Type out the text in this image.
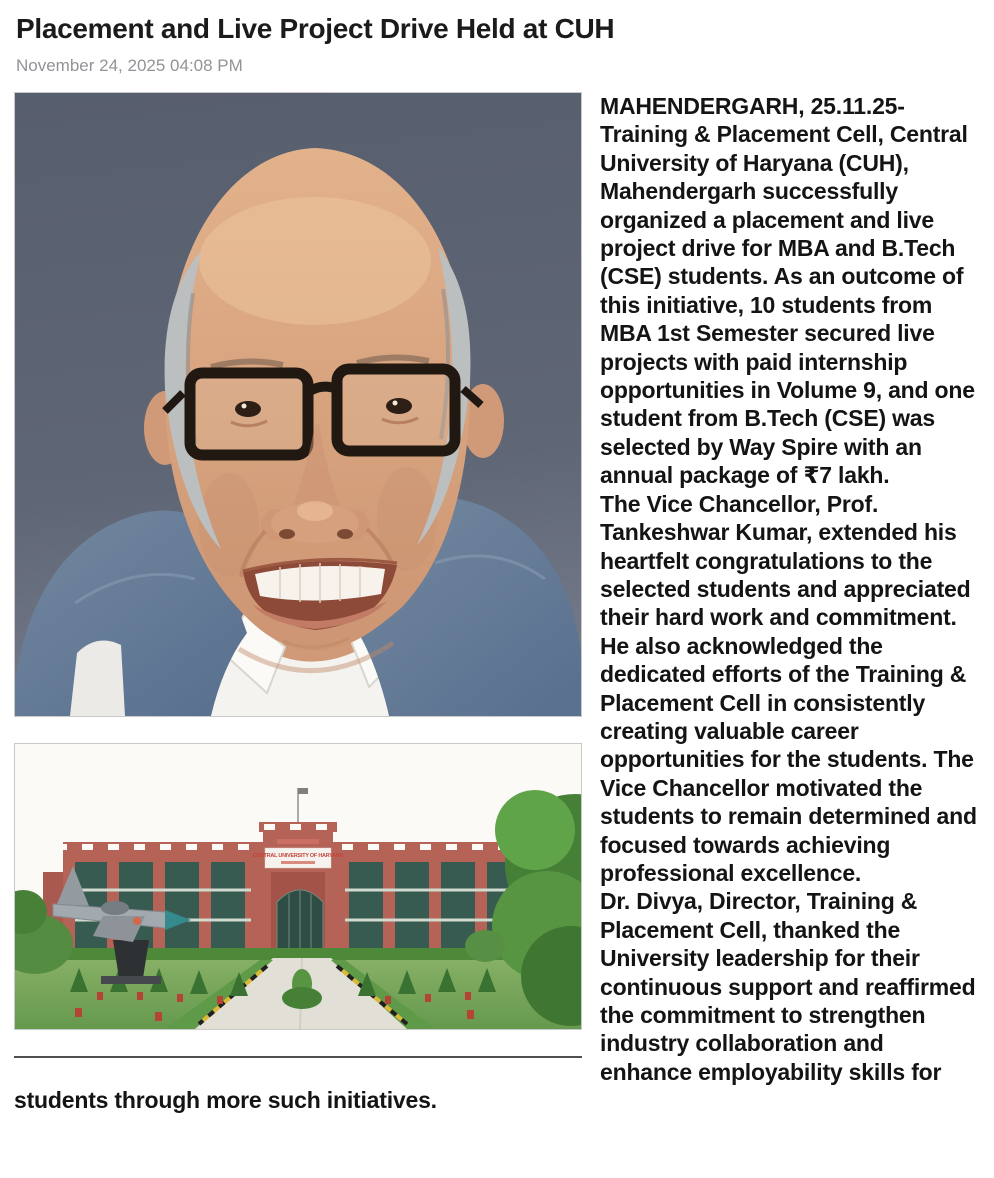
Placement and Live Project Drive Held at CUH
November 24, 2025 04:08 PM
CENTRAL UNIVERSITY OF HARYANA

MAHENDERGARH, 25.11.25- Training & Placement Cell, Central University of Haryana (CUH), Mahendergarh successfully organized a placement and live project drive for MBA and B.Tech (CSE) students. As an outcome of this initiative, 10 students from MBA 1st Semester secured live projects with paid internship opportunities in Volume 9, and one student from B.Tech (CSE) was selected by Way Spire with an annual package of ₹7 lakh.

The Vice Chancellor, Prof. Tankeshwar Kumar, extended his heartfelt congratulations to the selected students and appreciated their hard work and commitment. He also acknowledged the dedicated efforts of the Training & Placement Cell in consistently creating valuable career opportunities for the students. The Vice Chancellor motivated the students to remain determined and focused towards achieving professional excellence.

Dr. Divya, Director, Training & Placement Cell, thanked the University leadership for their continuous support and reaffirmed the commitment to strengthen industry collaboration and enhance employability skills for students through more such initiatives.
